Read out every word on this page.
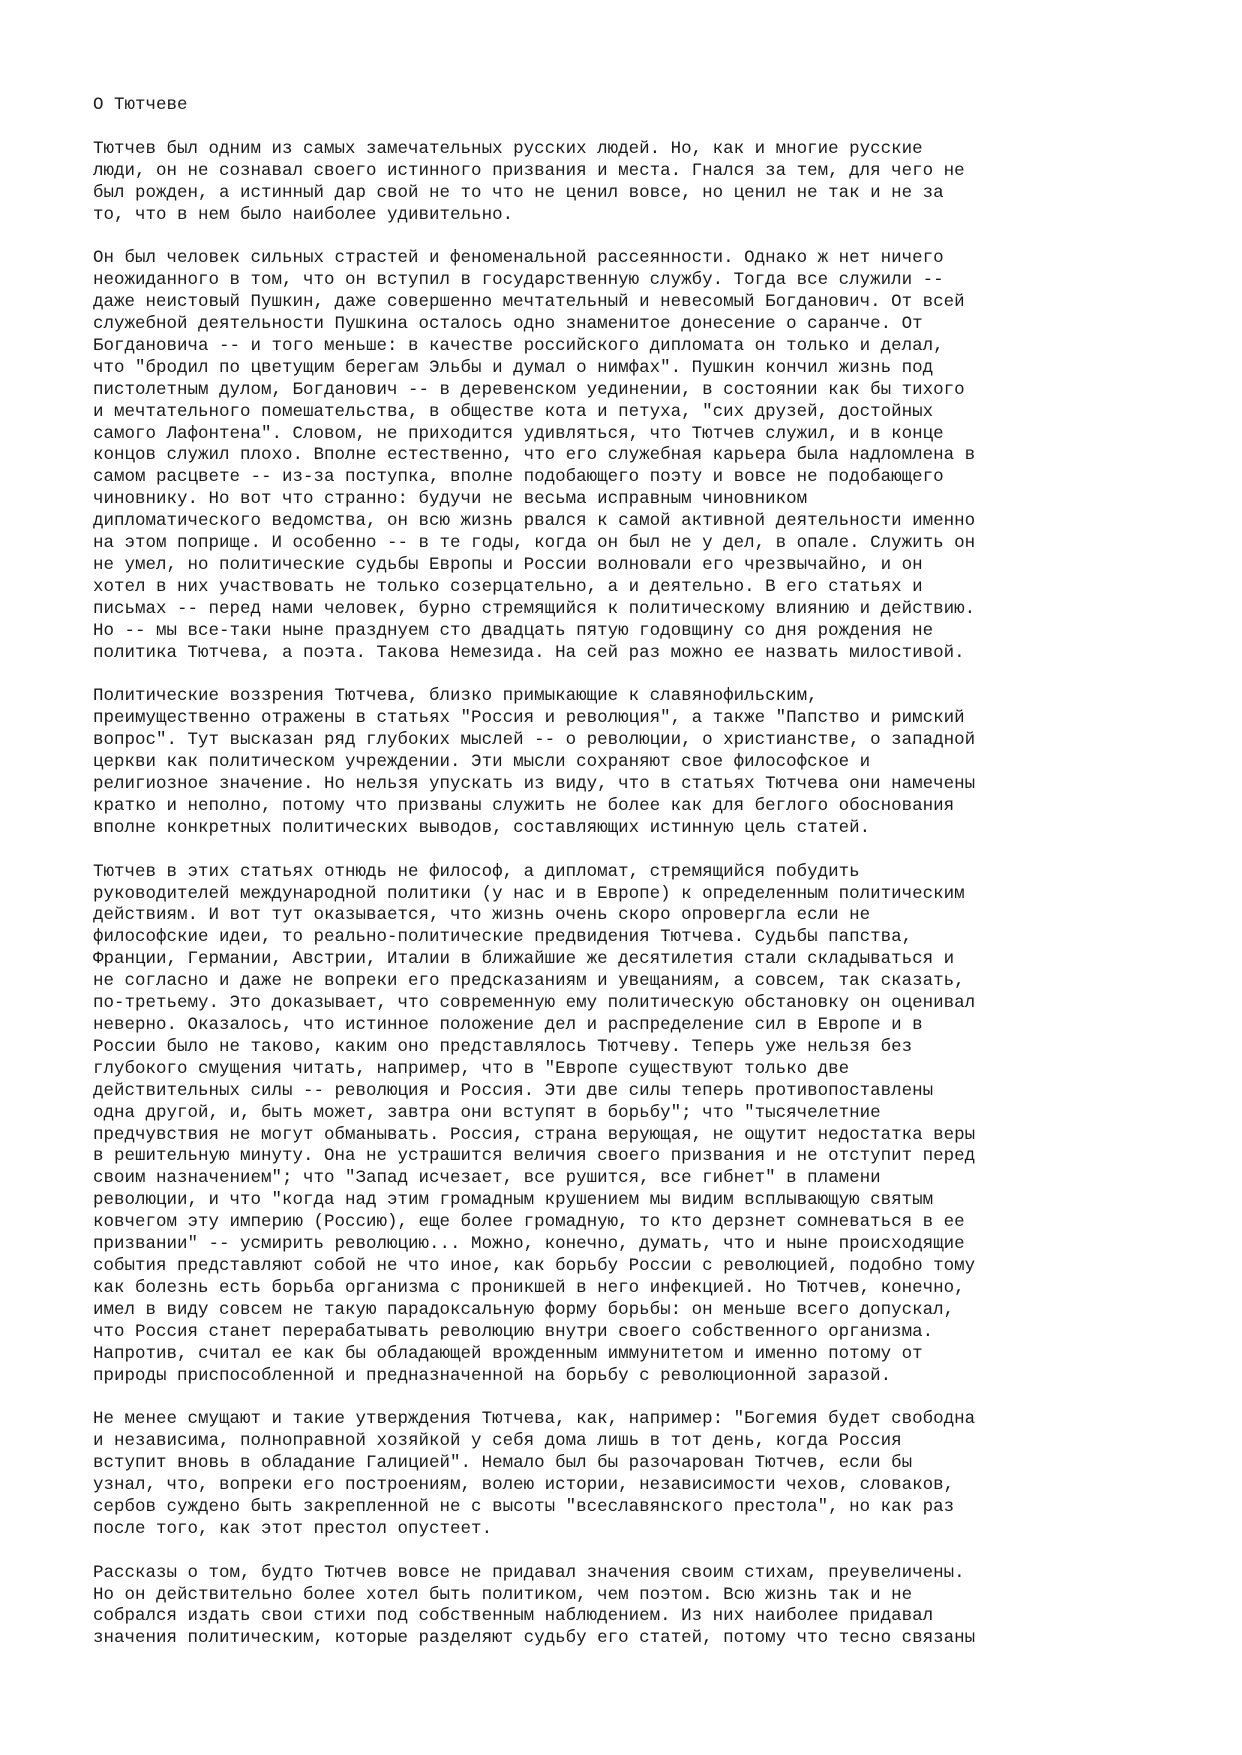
О Тютчеве
Тютчев был одним из самых замечательных русских людей. Но, как и многие русские
люди, он не сознавал своего истинного призвания и места. Гнался за тем, для чего не
был рожден, а истинный дар свой не то что не ценил вовсе, но ценил не так и не за
то, что в нем было наиболее удивительно.
Он был человек сильных страстей и феноменальной рассеянности. Однако ж нет ничего
неожиданного в том, что он вступил в государственную службу. Тогда все служили --
даже неистовый Пушкин, даже совершенно мечтательный и невесомый Богданович. От всей
служебной деятельности Пушкина осталось одно знаменитое донесение о саранче. От
Богдановича -- и того меньше: в качестве российского дипломата он только и делал,
что "бродил по цветущим берегам Эльбы и думал о нимфах". Пушкин кончил жизнь под
пистолетным дулом, Богданович -- в деревенском уединении, в состоянии как бы тихого
и мечтательного помешательства, в обществе кота и петуха, "сих друзей, достойных
самого Лафонтена". Словом, не приходится удивляться, что Тютчев служил, и в конце
концов служил плохо. Вполне естественно, что его служебная карьера была надломлена в
самом расцвете -- из-за поступка, вполне подобающего поэту и вовсе не подобающего
чиновнику. Но вот что странно: будучи не весьма исправным чиновником
дипломатического ведомства, он всю жизнь рвался к самой активной деятельности именно
на этом поприще. И особенно -- в те годы, когда он был не у дел, в опале. Служить он
не умел, но политические судьбы Европы и России волновали его чрезвычайно, и он
хотел в них участвовать не только созерцательно, а и деятельно. В его статьях и
письмах -- перед нами человек, бурно стремящийся к политическому влиянию и действию.
Но -- мы все-таки ныне празднуем сто двадцать пятую годовщину со дня рождения не
политика Тютчева, а поэта. Такова Немезида. На сей раз можно ее назвать милостивой.
Политические воззрения Тютчева, близко примыкающие к славянофильским,
преимущественно отражены в статьях "Россия и революция", а также "Папство и римский
вопрос". Тут высказан ряд глубоких мыслей -- о революции, о христианстве, о западной
церкви как политическом учреждении. Эти мысли сохраняют свое философское и
религиозное значение. Но нельзя упускать из виду, что в статьях Тютчева они намечены
кратко и неполно, потому что призваны служить не более как для беглого обоснования
вполне конкретных политических выводов, составляющих истинную цель статей.
Тютчев в этих статьях отнюдь не философ, а дипломат, стремящийся побудить
руководителей международной политики (у нас и в Европе) к определенным политическим
действиям. И вот тут оказывается, что жизнь очень скоро опровергла если не
философские идеи, то реально-политические предвидения Тютчева. Судьбы папства,
Франции, Германии, Австрии, Италии в ближайшие же десятилетия стали складываться и
не согласно и даже не вопреки его предсказаниям и увещаниям, а совсем, так сказать,
по-третьему. Это доказывает, что современную ему политическую обстановку он оценивал
неверно. Оказалось, что истинное положение дел и распределение сил в Европе и в
России было не таково, каким оно представлялось Тютчеву. Теперь уже нельзя без
глубокого смущения читать, например, что в "Европе существуют только две
действительных силы -- революция и Россия. Эти две силы теперь противопоставлены
одна другой, и, быть может, завтра они вступят в борьбу"; что "тысячелетние
предчувствия не могут обманывать. Россия, страна верующая, не ощутит недостатка веры
в решительную минуту. Она не устрашится величия своего призвания и не отступит перед
своим назначением"; что "Запад исчезает, все рушится, все гибнет" в пламени
революции, и что "когда над этим громадным крушением мы видим всплывающую святым
ковчегом эту империю (Россию), еще более громадную, то кто дерзнет сомневаться в ее
призвании" -- усмирить революцию... Можно, конечно, думать, что и ныне происходящие
события представляют собой не что иное, как борьбу России с революцией, подобно тому
как болезнь есть борьба организма с проникшей в него инфекцией. Но Тютчев, конечно,
имел в виду совсем не такую парадоксальную форму борьбы: он меньше всего допускал,
что Россия станет перерабатывать революцию внутри своего собственного организма.
Напротив, считал ее как бы обладающей врожденным иммунитетом и именно потому от
природы приспособленной и предназначенной на борьбу с революционной заразой.
Не менее смущают и такие утверждения Тютчева, как, например: "Богемия будет свободна
и независима, полноправной хозяйкой у себя дома лишь в тот день, когда Россия
вступит вновь в обладание Галицией". Немало был бы разочарован Тютчев, если бы
узнал, что, вопреки его построениям, волею истории, независимости чехов, словаков,
сербов суждено быть закрепленной не с высоты "всеславянского престола", но как раз
после того, как этот престол опустеет.
Рассказы о том, будто Тютчев вовсе не придавал значения своим стихам, преувеличены.
Но он действительно более хотел быть политиком, чем поэтом. Всю жизнь так и не
собрался издать свои стихи под собственным наблюдением. Из них наиболее придавал
значения политическим, которые разделяют судьбу его статей, потому что тесно связаны
